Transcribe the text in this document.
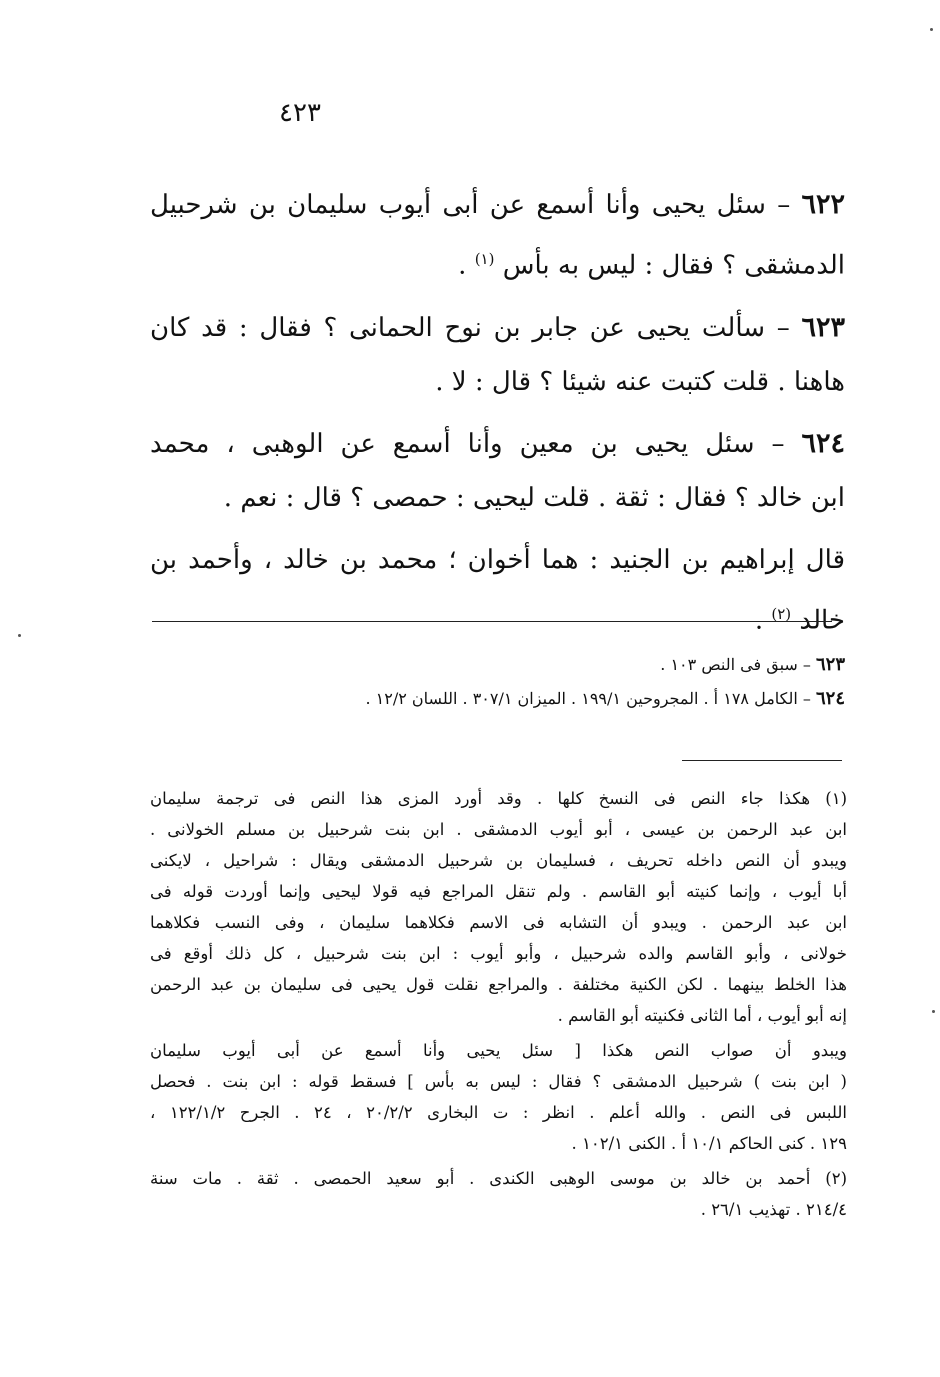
٤٢٣
٦٢٢ – سئل يحيى وأنا أسمع عن أبى أيوب سليمان بن شرحبيل
الدمشقى ؟ فقال : ليس به بأس $^{(١)}$ .
٦٢٣ – سألت يحيى عن جابر بن نوح الحمانى ؟ فقال : قد كان
هاهنا . قلت كتبت عنه شيئا ؟ قال : لا .
٦٢٤ – سئل يحيى بن معين وأنا أسمع عن الوهبى ، محمد
ابن خالد ؟ فقال : ثقة . قلت ليحيى : حمصى ؟ قال : نعم .
قال إبراهيم بن الجنيد : هما أخوان ؛ محمد بن خالد ، وأحمد بن
خالد $^{(٢)}$ .
٦٢٣ – سبق فى النص ١٠٣ .
٦٢٤ – الكامل ١٧٨ أ . المجروحين ١٩٩/١ . الميزان ٣٠٧/١ . اللسان ١٢/٢ .
(١) هكذا جاء النص فى النسخ كلها . وقد أورد المزى هذا النص فى ترجمة سليمان
ابن عبد الرحمن بن عيسى ، أبو أيوب الدمشقى . ابن بنت شرحبيل بن مسلم الخولانى .
ويبدو أن النص داخله تحريف ، فسليمان بن شرحبيل الدمشقى ويقال : شراحيل ، لايكنى
أبا أيوب ، وإنما كنيته أبو القاسم . ولم تنقل المراجع فيه قولا ليحيى وإنما أوردت قوله فى
ابن عبد الرحمن . ويبدو أن التشابه فى الاسم فكلاهما سليمان ، وفى النسب فكلاهما
خولانى ، وأبو القاسم والده شرحبيل ، وأبو أيوب : ابن بنت شرحبيل ، كل ذلك أوقع فى
هذا الخلط بينهما . لكن الكنية مختلفة . والمراجع نقلت قول يحيى فى سليمان بن عبد الرحمن
إنه أبو أيوب ، أما الثانى فكنيته أبو القاسم .
ويبدو أن صواب النص هكذا [ سئل يحيى وأنا أسمع عن أبى أيوب سليمان
( ابن بنت ) شرحبيل الدمشقى ؟ فقال : ليس به بأس ] فسقط قوله : ابن بنت . فحصل
اللبس فى النص . والله أعلم . انظر : ت البخارى ٢٠/٢/٢ ، ٢٤ . الجرح ١٢٢/١/٢ ،
١٢٩ . كنى الحاكم ١٠/١ أ . الكنى ١٠٢/١ .
(٢) أحمد بن خالد بن موسى الوهبى الكندى . أبو سعيد الحمصى . ثقة . مات سنة
٢١٤/٤ . تهذيب ٢٦/١ .
